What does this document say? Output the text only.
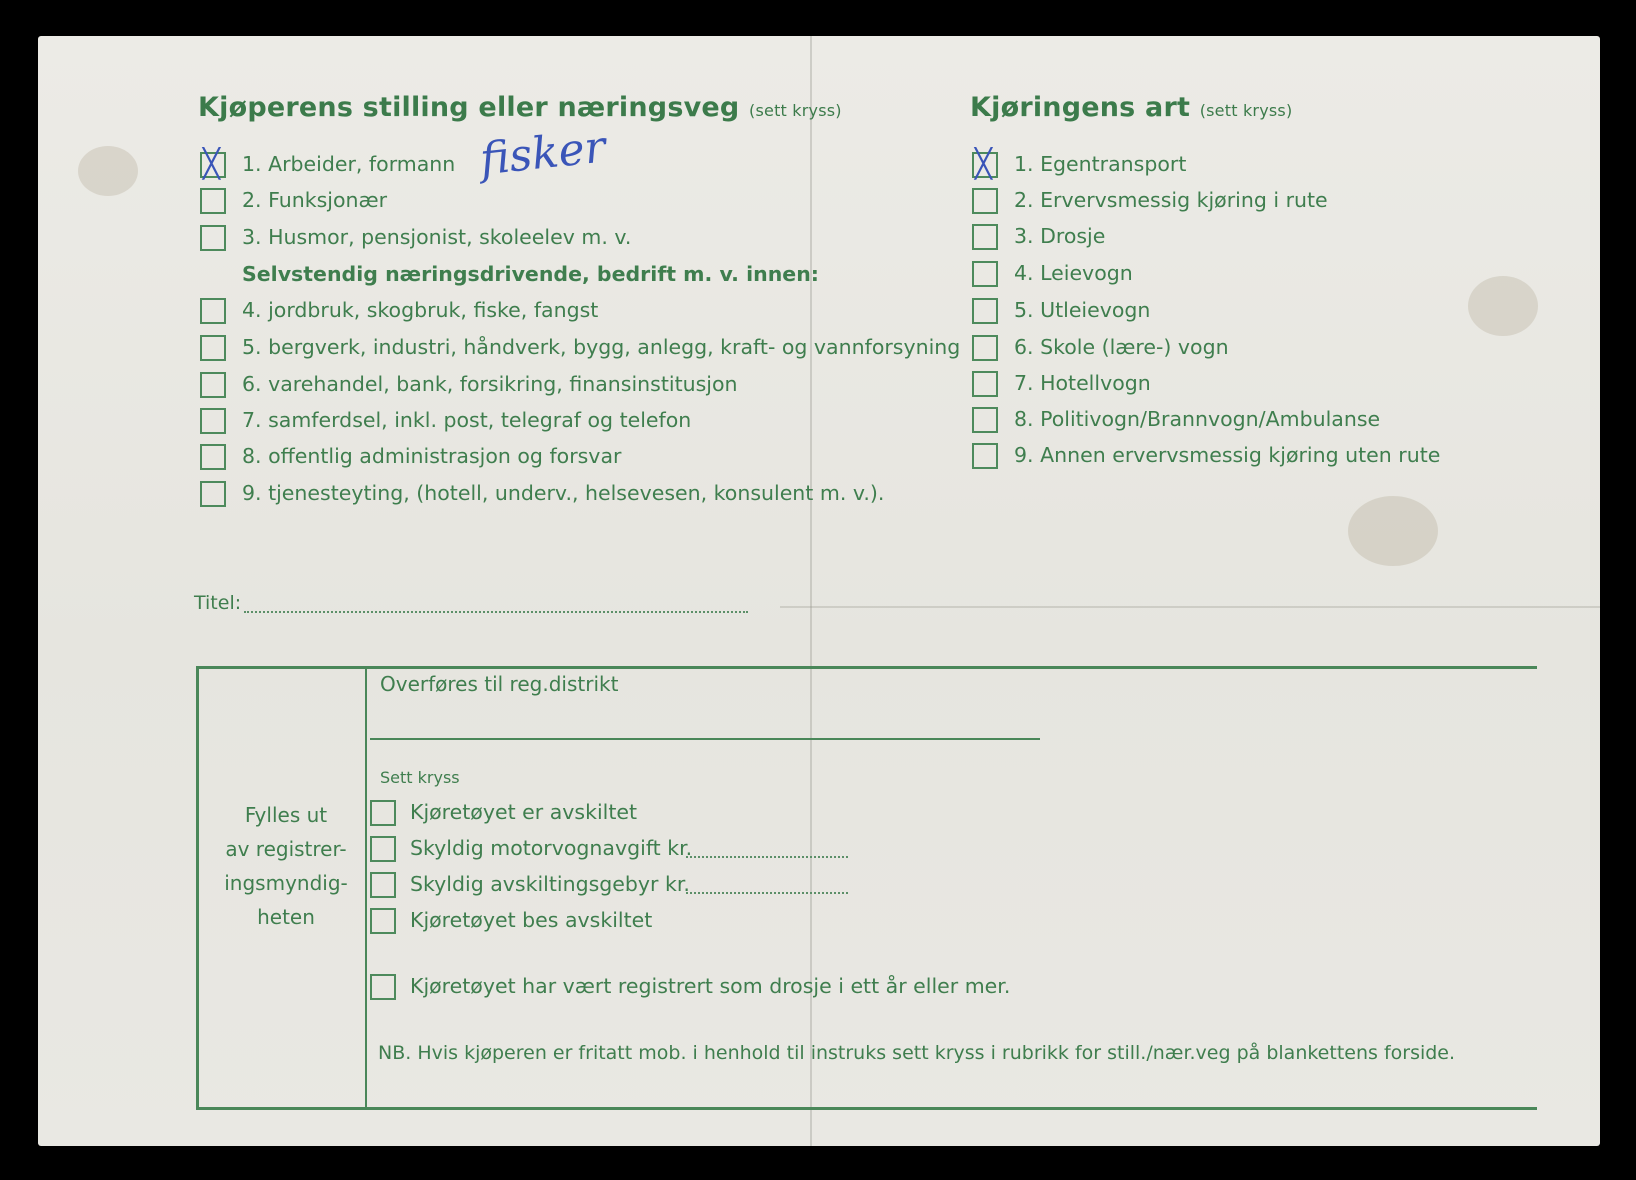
Kjøperens stilling eller næringsveg (sett kryss)
╳ 1. Arbeider, formann fisker
2. Funksjonær
3. Husmor, pensjonist, skoleelev m. v.
Selvstendig næringsdrivende, bedrift m. v. innen:
4. jordbruk, skogbruk, fiske, fangst
5. bergverk, industri, håndverk, bygg, anlegg, kraft- og vannforsyning
6. varehandel, bank, forsikring, finansinstitusjon
7. samferdsel, inkl. post, telegraf og telefon
8. offentlig administrasjon og forsvar
9. tjenesteyting, (hotell, underv., helsevesen, konsulent m. v.).
Titel:
Kjøringens art (sett kryss)
╳ 1. Egentransport
2. Ervervsmessig kjøring i rute
3. Drosje
4. Leievogn
5. Utleievogn
6. Skole (lære-) vogn
7. Hotellvogn
8. Politivogn/Brannvogn/Ambulanse
9. Annen ervervsmessig kjøring uten rute
Fylles ut
av registrer-
ingsmyndig-
heten
Overføres til reg.distrikt
Sett kryss
Kjøretøyet er avskiltet
Skyldig motorvognavgift kr.
Skyldig avskiltingsgebyr kr.
Kjøretøyet bes avskiltet
Kjøretøyet har vært registrert som drosje i ett år eller mer.
NB. Hvis kjøperen er fritatt mob. i henhold til instruks sett kryss i rubrikk for still./nær.veg på blankettens forside.
